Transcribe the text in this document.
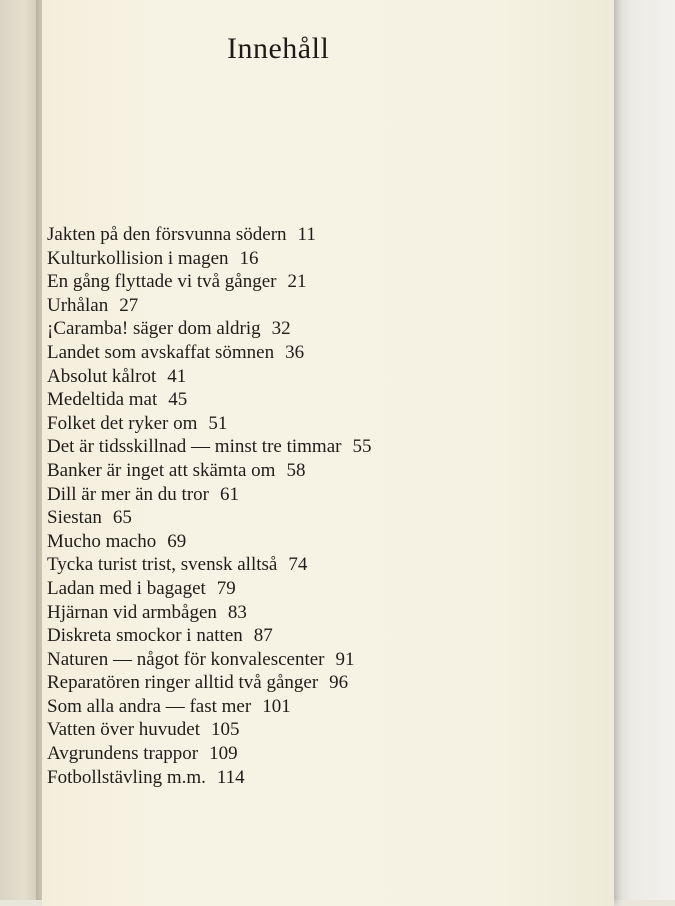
Innehåll
Jakten på den försvunna södern 11
Kulturkollision i magen 16
En gång flyttade vi två gånger 21
Urhålan 27
¡Caramba! säger dom aldrig 32
Landet som avskaffat sömnen 36
Absolut kålrot 41
Medeltida mat 45
Folket det ryker om 51
Det är tidsskillnad — minst tre timmar 55
Banker är inget att skämta om 58
Dill är mer än du tror 61
Siestan 65
Mucho macho 69
Tycka turist trist, svensk alltså 74
Ladan med i bagaget 79
Hjärnan vid armbågen 83
Diskreta smockor i natten 87
Naturen — något för konvalescenter 91
Reparatören ringer alltid två gånger 96
Som alla andra — fast mer 101
Vatten över huvudet 105
Avgrundens trappor 109
Fotbollstävling m.m. 114
